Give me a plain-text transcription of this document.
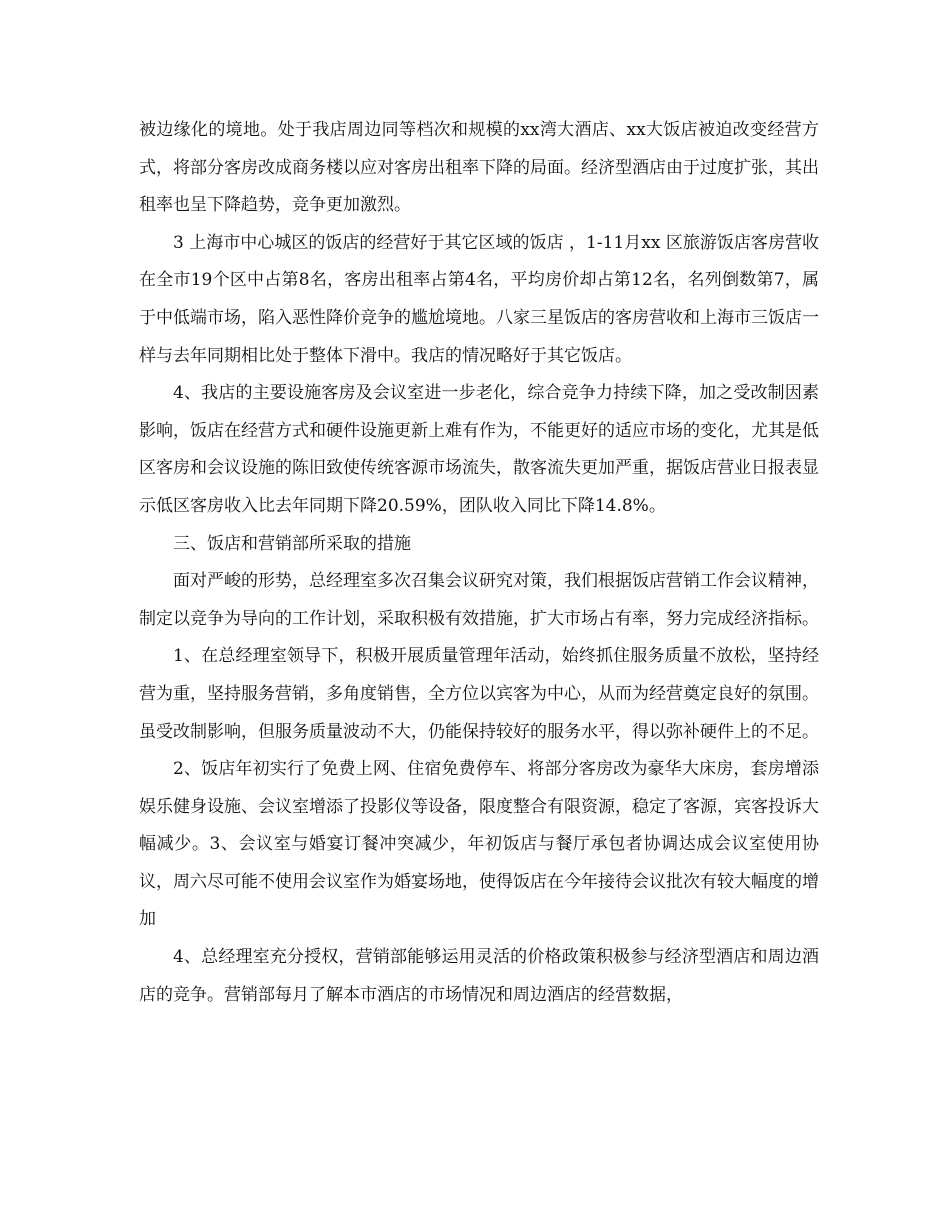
被边缘化的境地。处于我店周边同等档次和规模的xx湾大酒店、xx大饭店被迫改变经营方式，将部分客房改成商务楼以应对客房出租率下降的局面。经济型酒店由于过度扩张，其出租率也呈下降趋势，竞争更加激烈。

3 上海市中心城区的饭店的经营好于其它区域的饭店 ，1-11月xx 区旅游饭店客房营收在全市19个区中占第8名，客房出租率占第4名，平均房价却占第12名，名列倒数第7，属于中低端市场，陷入恶性降价竞争的尴尬境地。八家三星饭店的客房营收和上海市三饭店一样与去年同期相比处于整体下滑中。我店的情况略好于其它饭店。

4、我店的主要设施客房及会议室进一步老化，综合竞争力持续下降，加之受改制因素影响，饭店在经营方式和硬件设施更新上难有作为，不能更好的适应市场的变化，尤其是低区客房和会议设施的陈旧致使传统客源市场流失，散客流失更加严重，据饭店营业日报表显示低区客房收入比去年同期下降20.59%，团队收入同比下降14.8%。

三、饭店和营销部所采取的措施

面对严峻的形势，总经理室多次召集会议研究对策，我们根据饭店营销工作会议精神，制定以竞争为导向的工作计划，采取积极有效措施，扩大市场占有率，努力完成经济指标。

1、在总经理室领导下，积极开展质量管理年活动，始终抓住服务质量不放松，坚持经营为重，坚持服务营销，多角度销售，全方位以宾客为中心，从而为经营奠定良好的氛围。 虽受改制影响，但服务质量波动不大，仍能保持较好的服务水平，得以弥补硬件上的不足。

2、饭店年初实行了免费上网、住宿免费停车、将部分客房改为豪华大床房，套房增添娱乐健身设施、会议室增添了投影仪等设备，限度整合有限资源，稳定了客源，宾客投诉大幅减少。3、会议室与婚宴订餐冲突减少，年初饭店与餐厅承包者协调达成会议室使用协议，周六尽可能不使用会议室作为婚宴场地，使得饭店在今年接待会议批次有较大幅度的增加

4、总经理室充分授权，营销部能够运用灵活的价格政策积极参与经济型酒店和周边酒店的竞争。营销部每月了解本市酒店的市场情况和周边酒店的经营数据，
